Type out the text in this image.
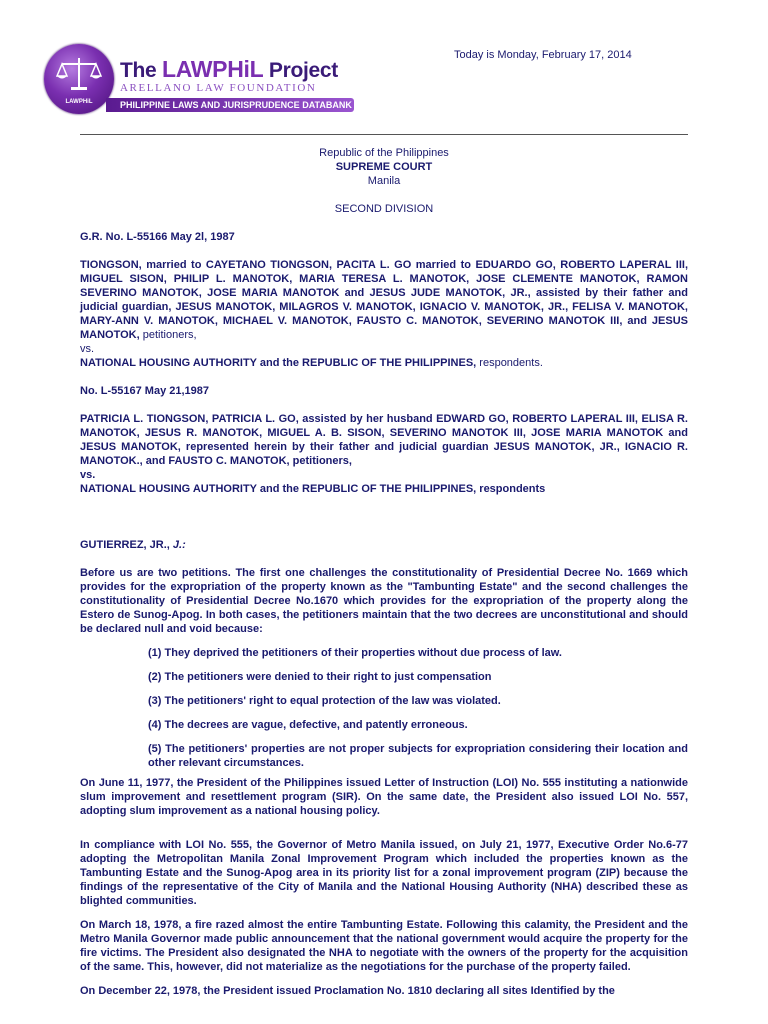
LAWPHiL
The LAWPHiL Project
ARELLANO LAW FOUNDATION
PHILIPPINE LAWS AND JURISPRUDENCE DATABANK
Today is Monday, February 17, 2014

Republic of the Philippines

SUPREME COURT

Manila

SECOND DIVISION

G.R. No. L-55166 May 2l, 1987

TIONGSON, married to CAYETANO TIONGSON, PACITA L. GO married to EDUARDO GO, ROBERTO LAPERAL III, MIGUEL SISON, PHILIP L. MANOTOK, MARIA TERESA L. MANOTOK, JOSE CLEMENTE MANOTOK, RAMON SEVERINO MANOTOK, JOSE MARIA MANOTOK and JESUS JUDE MANOTOK, JR., assisted by their father and judicial guardian, JESUS MANOTOK, MILAGROS V. MANOTOK, IGNACIO V. MANOTOK, JR., FELISA V. MANOTOK, MARY-ANN V. MANOTOK, MICHAEL V. MANOTOK, FAUSTO C. MANOTOK, SEVERINO MANOTOK III, and JESUS MANOTOK, petitioners,

vs.

NATIONAL HOUSING AUTHORITY and the REPUBLIC OF THE PHILIPPINES, respondents.

No. L-55167 May 21,1987

PATRICIA L. TIONGSON, PATRICIA L. GO, assisted by her husband EDWARD GO, ROBERTO LAPERAL III, ELISA R. MANOTOK, JESUS R. MANOTOK, MIGUEL A. B. SISON, SEVERINO MANOTOK III, JOSE MARIA MANOTOK and JESUS MANOTOK, represented herein by their father and judicial guardian JESUS MANOTOK, JR., IGNACIO R. MANOTOK., and FAUSTO C. MANOTOK, petitioners,

vs.

NATIONAL HOUSING AUTHORITY and the REPUBLIC OF THE PHILIPPINES, respondents

GUTIERREZ, JR., J.:

Before us are two petitions. The first one challenges the constitutionality of Presidential Decree No. 1669 which provides for the expropriation of the property known as the "Tambunting Estate" and the second challenges the constitutionality of Presidential Decree No.1670 which provides for the expropriation of the property along the Estero de Sunog-Apog. In both cases, the petitioners maintain that the two decrees are unconstitutional and should be declared null and void because:

(1) They deprived the petitioners of their properties without due process of law.

(2) The petitioners were denied to their right to just compensation

(3) The petitioners' right to equal protection of the law was violated.

(4) The decrees are vague, defective, and patently erroneous.

(5) The petitioners' properties are not proper subjects for expropriation considering their location and other relevant circumstances.

On June 11, 1977, the President of the Philippines issued Letter of Instruction (LOI) No. 555 instituting a nationwide slum improvement and resettlement program (SIR). On the same date, the President also issued LOI No. 557, adopting slum improvement as a national housing policy.

In compliance with LOI No. 555, the Governor of Metro Manila issued, on July 21, 1977, Executive Order No.6-77 adopting the Metropolitan Manila Zonal Improvement Program which included the properties known as the Tambunting Estate and the Sunog-Apog area in its priority list for a zonal improvement program (ZIP) because the findings of the representative of the City of Manila and the National Housing Authority (NHA) described these as blighted communities.

On March 18, 1978, a fire razed almost the entire Tambunting Estate. Following this calamity, the President and the Metro Manila Governor made public announcement that the national government would acquire the property for the fire victims. The President also designated the NHA to negotiate with the owners of the property for the acquisition of the same. This, however, did not materialize as the negotiations for the purchase of the property failed.

On December 22, 1978, the President issued Proclamation No. 1810 declaring all sites Identified by the
